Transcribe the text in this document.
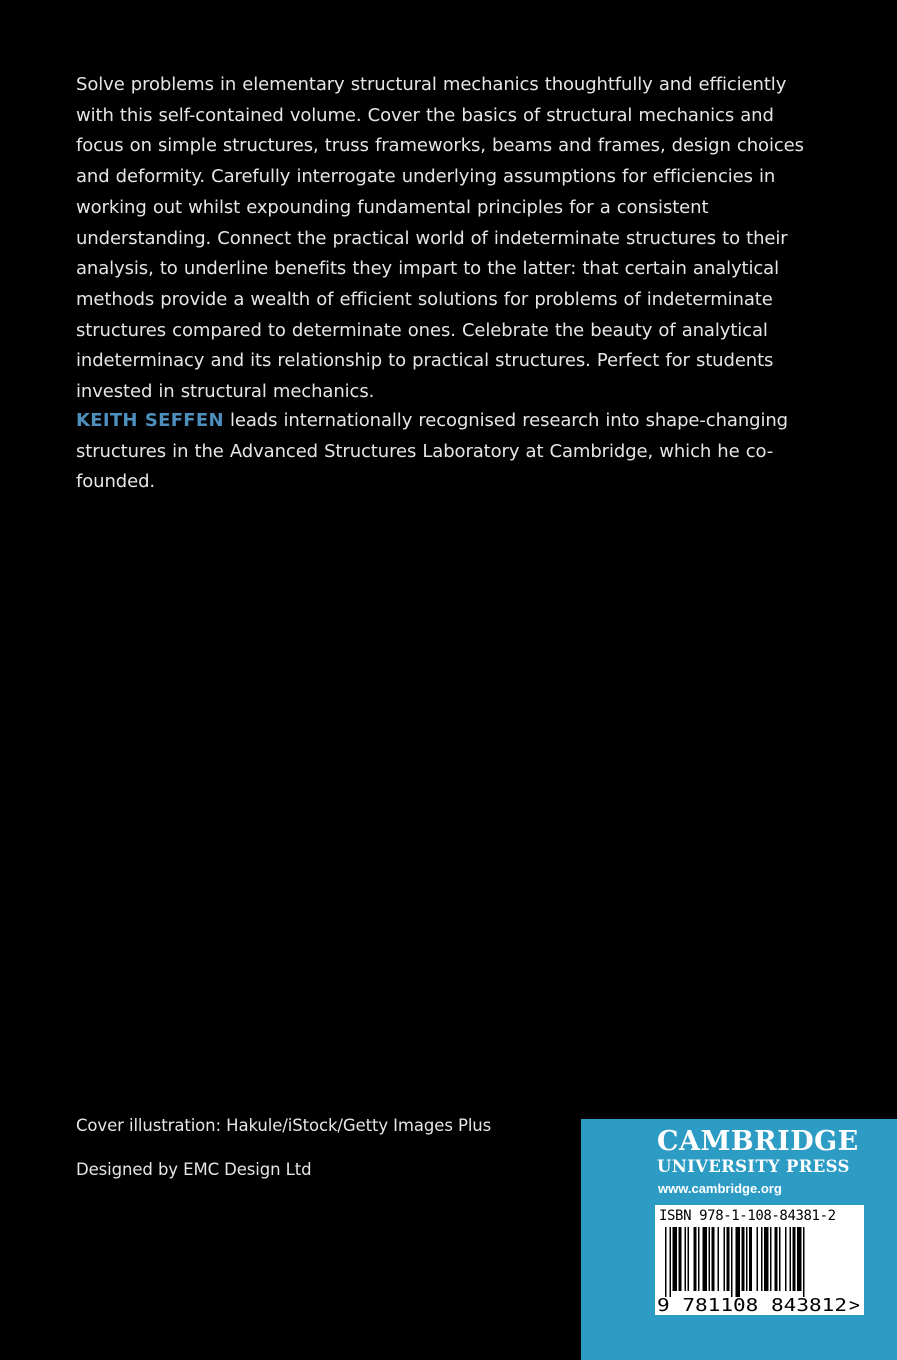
Solve problems in elementary structural mechanics thoughtfully and efficiently with this self-contained volume. Cover the basics of structural mechanics and focus on simple structures, truss frameworks, beams and frames, design choices and deformity. Carefully interrogate underlying assumptions for efficiencies in working out whilst expounding fundamental principles for a consistent understanding. Connect the practical world of indeterminate structures to their analysis, to underline benefits they impart to the latter: that certain analytical methods provide a wealth of efficient solutions for problems of indeterminate structures compared to determinate ones. Celebrate the beauty of analytical indeterminacy and its relationship to practical structures. Perfect for students invested in structural mechanics.

KEITH SEFFEN leads internationally recognised research into shape-changing structures in the Advanced Structures Laboratory at Cambridge, which he co-founded.

Cover illustration: Hakule/iStock/Getty Images Plus

Designed by EMC Design Ltd

CAMBRIDGE

UNIVERSITY PRESS

www.cambridge.org

ISBN 978-1-108-84381-2

9 781108 843812 >
